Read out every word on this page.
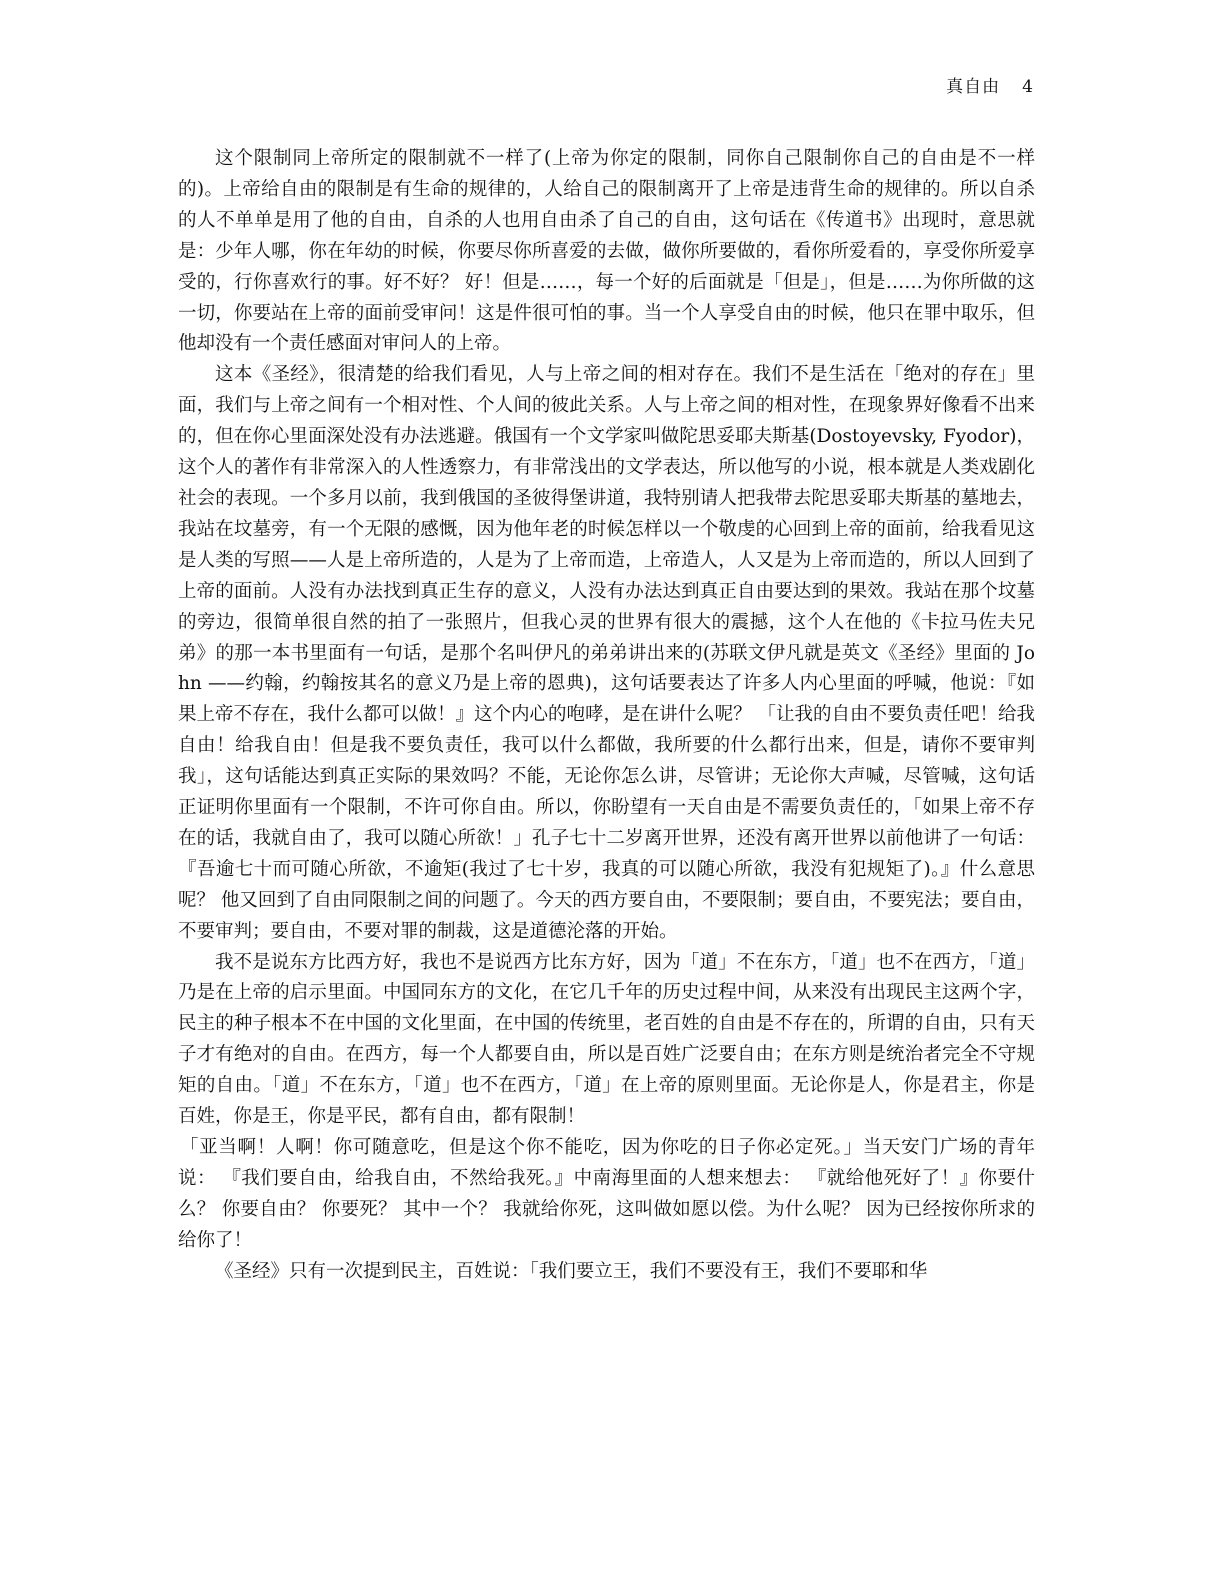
真自由 4

这个限制同上帝所定的限制就不一样了(上帝为你定的限制，同你自己限制你自己的自由是不一样的)。上帝给自由的限制是有生命的规律的，人给自己的限制离开了上帝是违背生命的规律的。所以自杀的人不单单是用了他的自由，自杀的人也用自由杀了自己的自由，这句话在《传道书》出现时，意思就是：少年人哪，你在年幼的时候，你要尽你所喜爱的去做，做你所要做的，看你所爱看的，享受你所爱享受的，行你喜欢行的事。好不好？ 好！但是……，每一个好的后面就是「但是」，但是……为你所做的这一切，你要站在上帝的面前受审问！这是件很可怕的事。当一个人享受自由的时候，他只在罪中取乐，但他却没有一个责任感面对审问人的上帝。

这本《圣经》，很清楚的给我们看见，人与上帝之间的相对存在。我们不是生活在「绝对的存在」里面，我们与上帝之间有一个相对性、个人间的彼此关系。人与上帝之间的相对性，在现象界好像看不出来的，但在你心里面深处没有办法逃避。俄国有一个文学家叫做陀思妥耶夫斯基(Dostoyevsky, Fyodor)，这个人的著作有非常深入的人性透察力，有非常浅出的文学表达，所以他写的小说，根本就是人类戏剧化社会的表现。一个多月以前，我到俄国的圣彼得堡讲道，我特别请人把我带去陀思妥耶夫斯基的墓地去，我站在坟墓旁，有一个无限的感慨，因为他年老的时候怎样以一个敬虔的心回到上帝的面前，给我看见这是人类的写照——人是上帝所造的，人是为了上帝而造，上帝造人，人又是为上帝而造的，所以人回到了上帝的面前。人没有办法找到真正生存的意义，人没有办法达到真正自由要达到的果效。我站在那个坟墓的旁边，很简单很自然的拍了一张照片，但我心灵的世界有很大的震撼，这个人在他的《卡拉马佐夫兄弟》的那一本书里面有一句话，是那个名叫伊凡的弟弟讲出来的(苏联文伊凡就是英文《圣经》里面的 John ——约翰，约翰按其名的意义乃是上帝的恩典)，这句话要表达了许多人内心里面的呼喊，他说：『如果上帝不存在，我什么都可以做！』这个内心的咆哮，是在讲什么呢？ 「让我的自由不要负责任吧！给我自由！给我自由！但是我不要负责任，我可以什么都做，我所要的什么都行出来，但是，请你不要审判我」，这句话能达到真正实际的果效吗？不能，无论你怎么讲，尽管讲；无论你大声喊，尽管喊，这句话正证明你里面有一个限制，不许可你自由。所以，你盼望有一天自由是不需要负责任的，「如果上帝不存在的话，我就自由了，我可以随心所欲！」孔子七十二岁离开世界，还没有离开世界以前他讲了一句话： 『吾逾七十而可随心所欲，不逾矩(我过了七十岁，我真的可以随心所欲，我没有犯规矩了)。』什么意思呢？ 他又回到了自由同限制之间的问题了。今天的西方要自由，不要限制；要自由，不要宪法；要自由，不要审判；要自由，不要对罪的制裁，这是道德沦落的开始。

我不是说东方比西方好，我也不是说西方比东方好，因为「道」不在东方，「道」也不在西方，「道」乃是在上帝的启示里面。中国同东方的文化，在它几千年的历史过程中间，从来没有出现民主这两个字，民主的种子根本不在中国的文化里面，在中国的传统里，老百姓的自由是不存在的，所谓的自由，只有天子才有绝对的自由。在西方，每一个人都要自由，所以是百姓广泛要自由；在东方则是统治者完全不守规矩的自由。「道」不在东方，「道」也不在西方，「道」在上帝的原则里面。无论你是人，你是君主，你是百姓，你是王，你是平民，都有自由，都有限制！

「亚当啊！人啊！你可随意吃，但是这个你不能吃，因为你吃的日子你必定死。」当天安门广场的青年说： 『我们要自由，给我自由，不然给我死。』中南海里面的人想来想去： 『就给他死好了！』你要什么？ 你要自由？ 你要死？ 其中一个？ 我就给你死，这叫做如愿以偿。为什么呢？ 因为已经按你所求的给你了！

《圣经》只有一次提到民主，百姓说：「我们要立王，我们不要没有王，我们不要耶和华
